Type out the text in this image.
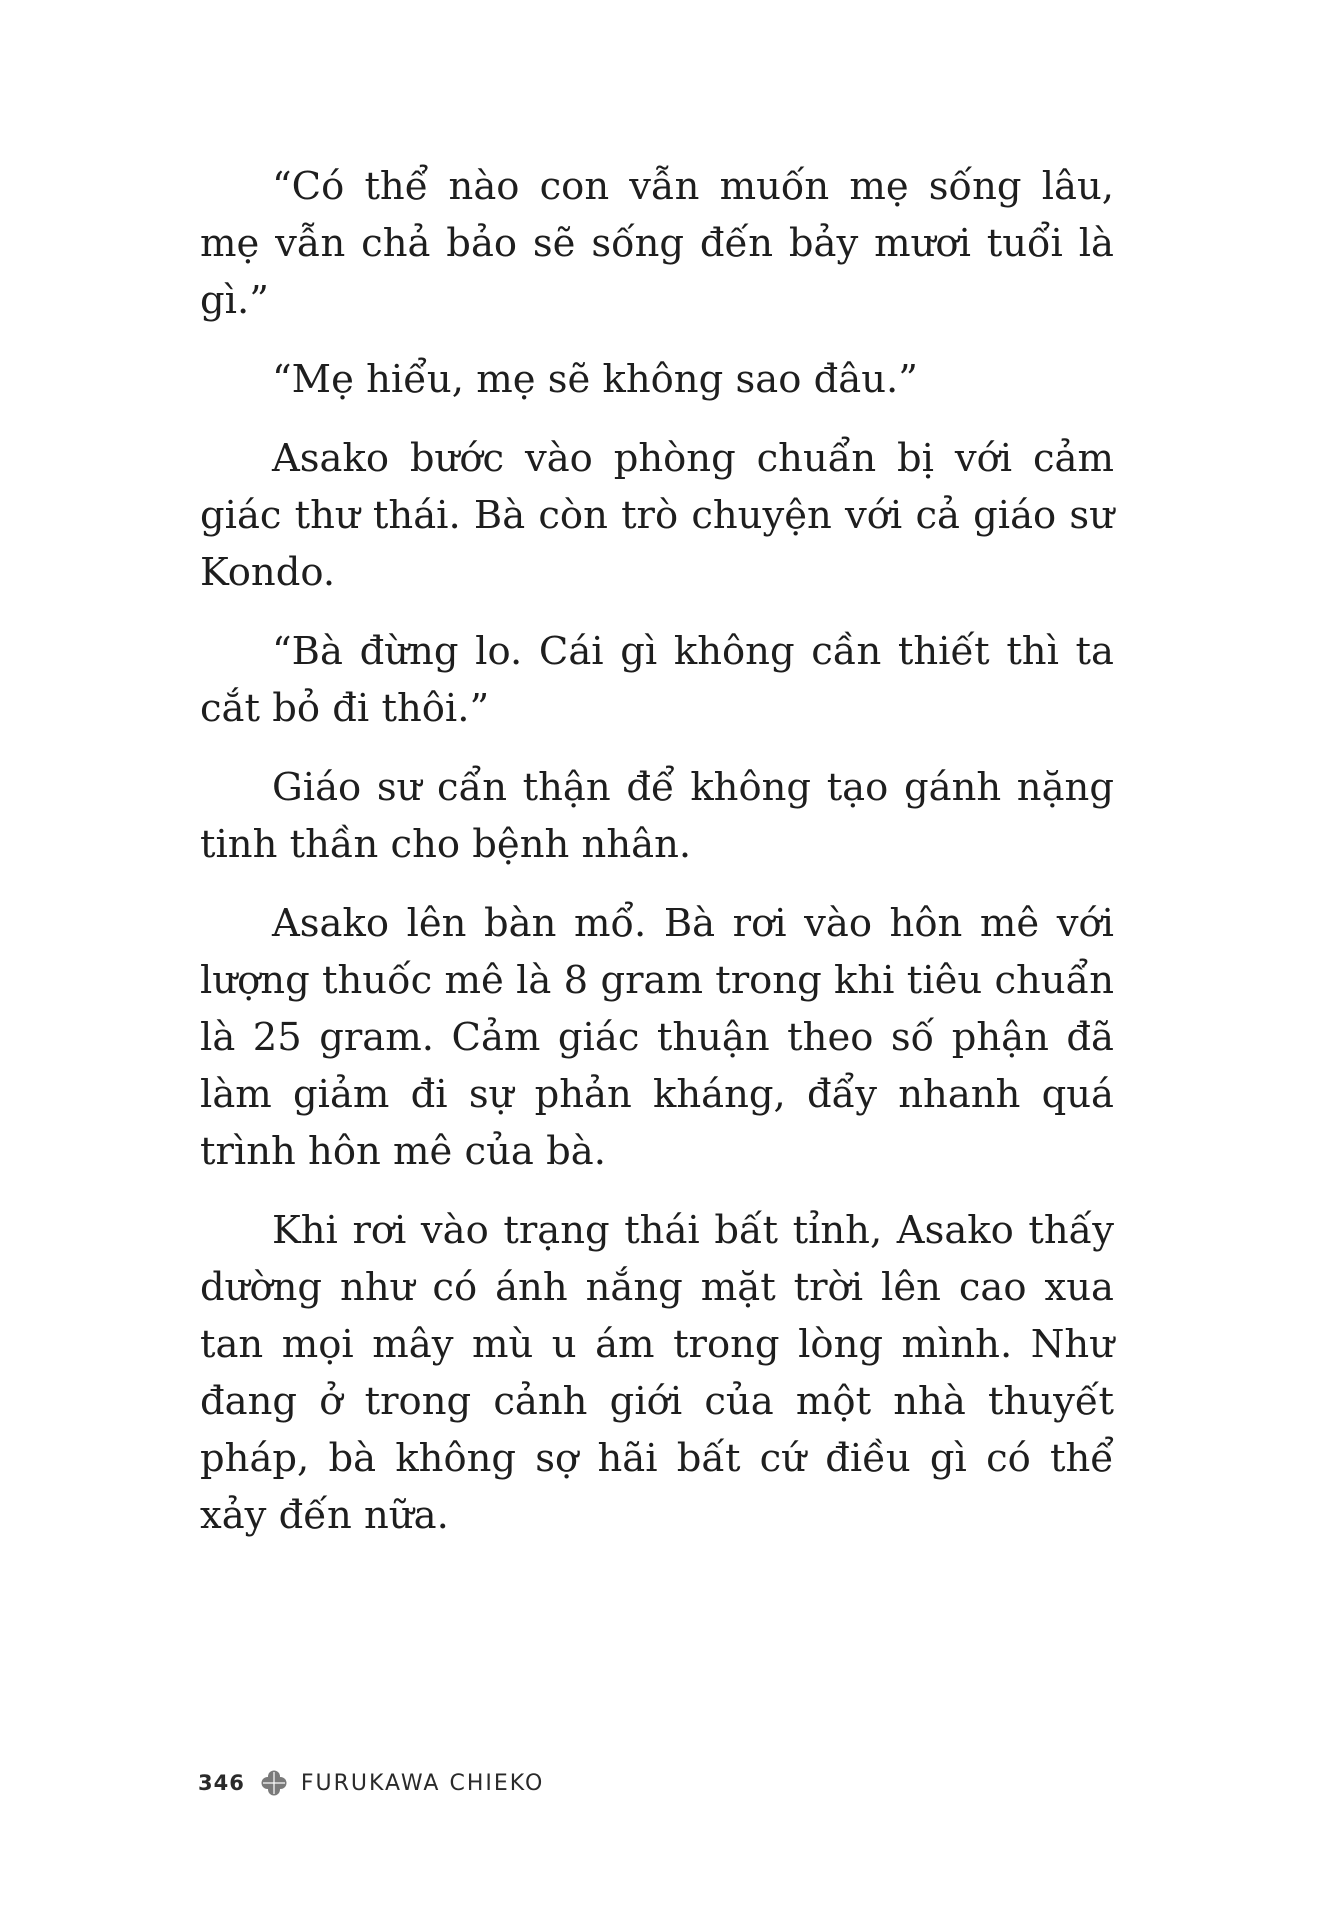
“Có thể nào con vẫn muốn mẹ sống lâu, mẹ vẫn chả bảo sẽ sống đến bảy mươi tuổi là gì.”

“Mẹ hiểu, mẹ sẽ không sao đâu.”

Asako bước vào phòng chuẩn bị với cảm giác thư thái. Bà còn trò chuyện với cả giáo sư Kondo.

“Bà đừng lo. Cái gì không cần thiết thì ta cắt bỏ đi thôi.”

Giáo sư cẩn thận để không tạo gánh nặng tinh thần cho bệnh nhân.

Asako lên bàn mổ. Bà rơi vào hôn mê với lượng thuốc mê là 8 gram trong khi tiêu chuẩn là 25 gram. Cảm giác thuận theo số phận đã làm giảm đi sự phản kháng, đẩy nhanh quá trình hôn mê của bà.

Khi rơi vào trạng thái bất tỉnh, Asako thấy dường như có ánh nắng mặt trời lên cao xua tan mọi mây mù u ám trong lòng mình. Như đang ở trong cảnh giới của một nhà thuyết pháp, bà không sợ hãi bất cứ điều gì có thể xảy đến nữa.

346	FURUKAWA CHIEKO
